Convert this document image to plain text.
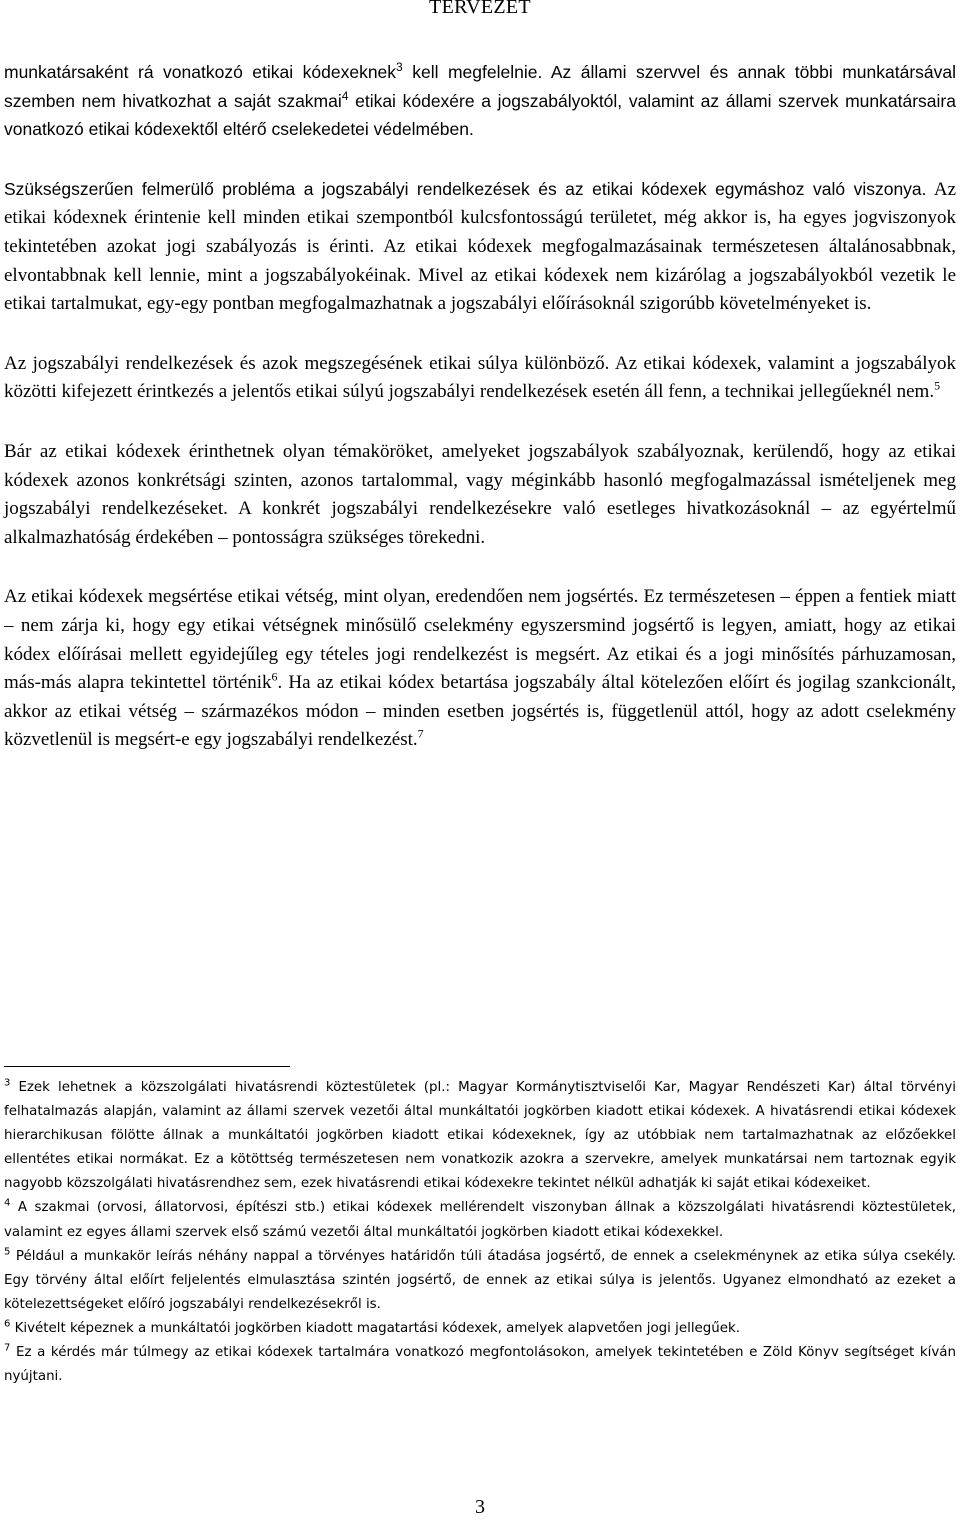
TERVEZET

munkatársaként rá vonatkozó etikai kódexeknek$^3$ kell megfelelnie. Az állami szervvel és annak többi munkatársával szemben nem hivatkozhat a saját szakmai$^4$ etikai kódexére a jogszabályoktól, valamint az állami szervek munkatársaira vonatkozó etikai kódexektől eltérő cselekedetei védelmében.

Szükségszerűen felmerülő probléma a jogszabályi rendelkezések és az etikai kódexek egymáshoz való viszonya. Az etikai kódexnek érintenie kell minden etikai szempontból kulcsfontosságú területet, még akkor is, ha egyes jogviszonyok tekintetében azokat jogi szabályozás is érinti. Az etikai kódexek megfogalmazásainak természetesen általánosabbnak, elvontabbnak kell lennie, mint a jogszabályokéinak. Mivel az etikai kódexek nem kizárólag a jogszabályokból vezetik le etikai tartalmukat, egy-egy pontban megfogalmazhatnak a jogszabályi előírásoknál szigorúbb követelményeket is.

Az jogszabályi rendelkezések és azok megszegésének etikai súlya különböző. Az etikai kódexek, valamint a jogszabályok közötti kifejezett érintkezés a jelentős etikai súlyú jogszabályi rendelkezések esetén áll fenn, a technikai jellegűeknél nem.$^5$

Bár az etikai kódexek érinthetnek olyan témaköröket, amelyeket jogszabályok szabályoznak, kerülendő, hogy az etikai kódexek azonos konkrétsági szinten, azonos tartalommal, vagy méginkább hasonló megfogalmazással ismételjenek meg jogszabályi rendelkezéseket. A konkrét jogszabályi rendelkezésekre való esetleges hivatkozásoknál – az egyértelmű alkalmazhatóság érdekében – pontosságra szükséges törekedni.

Az etikai kódexek megsértése etikai vétség, mint olyan, eredendően nem jogsértés. Ez természetesen – éppen a fentiek miatt – nem zárja ki, hogy egy etikai vétségnek minősülő cselekmény egyszersmind jogsértő is legyen, amiatt, hogy az etikai kódex előírásai mellett egyidejűleg egy tételes jogi rendelkezést is megsért. Az etikai és a jogi minősítés párhuzamosan, más-más alapra tekintettel történik$^6$. Ha az etikai kódex betartása jogszabály által kötelezően előírt és jogilag szankcionált, akkor az etikai vétség – származékos módon – minden esetben jogsértés is, függetlenül attól, hogy az adott cselekmény közvetlenül is megsért-e egy jogszabályi rendelkezést.$^7$

$^3$ Ezek lehetnek a közszolgálati hivatásrendi köztestületek (pl.: Magyar Kormánytisztviselői Kar, Magyar Rendészeti Kar) által törvényi felhatalmazás alapján, valamint az állami szervek vezetői által munkáltatói jogkörben kiadott etikai kódexek. A hivatásrendi etikai kódexek hierarchikusan fölötte állnak a munkáltatói jogkörben kiadott etikai kódexeknek, így az utóbbiak nem tartalmazhatnak az előzőekkel ellentétes etikai normákat. Ez a kötöttség természetesen nem vonatkozik azokra a szervekre, amelyek munkatársai nem tartoznak egyik nagyobb közszolgálati hivatásrendhez sem, ezek hivatásrendi etikai kódexekre tekintet nélkül adhatják ki saját etikai kódexeiket.

$^4$ A szakmai (orvosi, állatorvosi, építészi stb.) etikai kódexek mellérendelt viszonyban állnak a közszolgálati hivatásrendi köztestületek, valamint ez egyes állami szervek első számú vezetői által munkáltatói jogkörben kiadott etikai kódexekkel.

$^5$ Például a munkakör leírás néhány nappal a törvényes határidőn túli átadása jogsértő, de ennek a cselekménynek az etika súlya csekély. Egy törvény által előírt feljelentés elmulasztása szintén jogsértő, de ennek az etikai súlya is jelentős. Ugyanez elmondható az ezeket a kötelezettségeket előíró jogszabályi rendelkezésekről is.

$^6$ Kivételt képeznek a munkáltatói jogkörben kiadott magatartási kódexek, amelyek alapvetően jogi jellegűek.

$^7$ Ez a kérdés már túlmegy az etikai kódexek tartalmára vonatkozó megfontolásokon, amelyek tekintetében e Zöld Könyv segítséget kíván nyújtani.

3
